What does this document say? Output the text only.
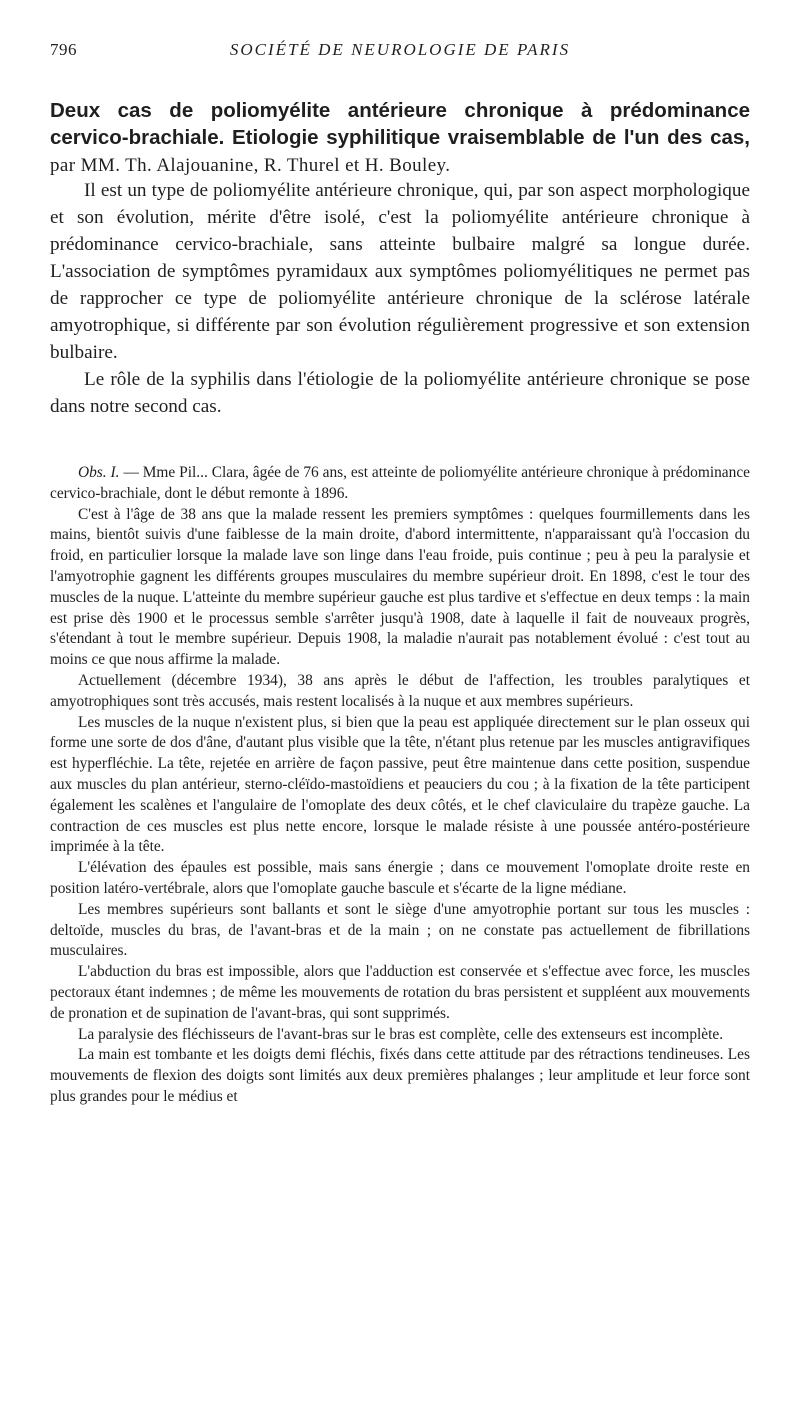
796	SOCIÉTÉ DE NEUROLOGIE DE PARIS
Deux cas de poliomyélite antérieure chronique à prédominance cervico-brachiale. Etiologie syphilitique vraisemblable de l'un des cas, par MM. Th. Alajouanine, R. Thurel et H. Bouley.

Il est un type de poliomyélite antérieure chronique, qui, par son aspect morphologique et son évolution, mérite d'être isolé, c'est la poliomyélite antérieure chronique à prédominance cervico-brachiale, sans atteinte bulbaire malgré sa longue durée. L'association de symptômes pyramidaux aux symptômes poliomyélitiques ne permet pas de rapprocher ce type de poliomyélite antérieure chronique de la sclérose latérale amyotrophique, si différente par son évolution régulièrement progressive et son extension bulbaire.

Le rôle de la syphilis dans l'étiologie de la poliomyélite antérieure chronique se pose dans notre second cas.

Obs. I. — Mme Pil... Clara, âgée de 76 ans, est atteinte de poliomyélite antérieure chronique à prédominance cervico-brachiale, dont le début remonte à 1896.

C'est à l'âge de 38 ans que la malade ressent les premiers symptômes : quelques fourmillements dans les mains, bientôt suivis d'une faiblesse de la main droite, d'abord intermittente, n'apparaissant qu'à l'occasion du froid, en particulier lorsque la malade lave son linge dans l'eau froide, puis continue ; peu à peu la paralysie et l'amyotrophie gagnent les différents groupes musculaires du membre supérieur droit. En 1898, c'est le tour des muscles de la nuque. L'atteinte du membre supérieur gauche est plus tardive et s'effectue en deux temps : la main est prise dès 1900 et le processus semble s'arrêter jusqu'à 1908, date à laquelle il fait de nouveaux progrès, s'étendant à tout le membre supérieur. Depuis 1908, la maladie n'aurait pas notablement évolué : c'est tout au moins ce que nous affirme la malade.

Actuellement (décembre 1934), 38 ans après le début de l'affection, les troubles paralytiques et amyotrophiques sont très accusés, mais restent localisés à la nuque et aux membres supérieurs.

Les muscles de la nuque n'existent plus, si bien que la peau est appliquée directement sur le plan osseux qui forme une sorte de dos d'âne, d'autant plus visible que la tête, n'étant plus retenue par les muscles antigravifiques est hyperfléchie. La tête, rejetée en arrière de façon passive, peut être maintenue dans cette position, suspendue aux muscles du plan antérieur, sterno-cléïdo-mastoïdiens et peauciers du cou ; à la fixation de la tête participent également les scalènes et l'angulaire de l'omoplate des deux côtés, et le chef claviculaire du trapèze gauche. La contraction de ces muscles est plus nette encore, lorsque le malade résiste à une poussée antéro-postérieure imprimée à la tête.

L'élévation des épaules est possible, mais sans énergie ; dans ce mouvement l'omoplate droite reste en position latéro-vertébrale, alors que l'omoplate gauche bascule et s'écarte de la ligne médiane.

Les membres supérieurs sont ballants et sont le siège d'une amyotrophie portant sur tous les muscles : deltoïde, muscles du bras, de l'avant-bras et de la main ; on ne constate pas actuellement de fibrillations musculaires.

L'abduction du bras est impossible, alors que l'adduction est conservée et s'effectue avec force, les muscles pectoraux étant indemnes ; de même les mouvements de rotation du bras persistent et suppléent aux mouvements de pronation et de supination de l'avant-bras, qui sont supprimés.

La paralysie des fléchisseurs de l'avant-bras sur le bras est complète, celle des extenseurs est incomplète.

La main est tombante et les doigts demi fléchis, fixés dans cette attitude par des rétractions tendineuses. Les mouvements de flexion des doigts sont limités aux deux premières phalanges ; leur amplitude et leur force sont plus grandes pour le médius et
